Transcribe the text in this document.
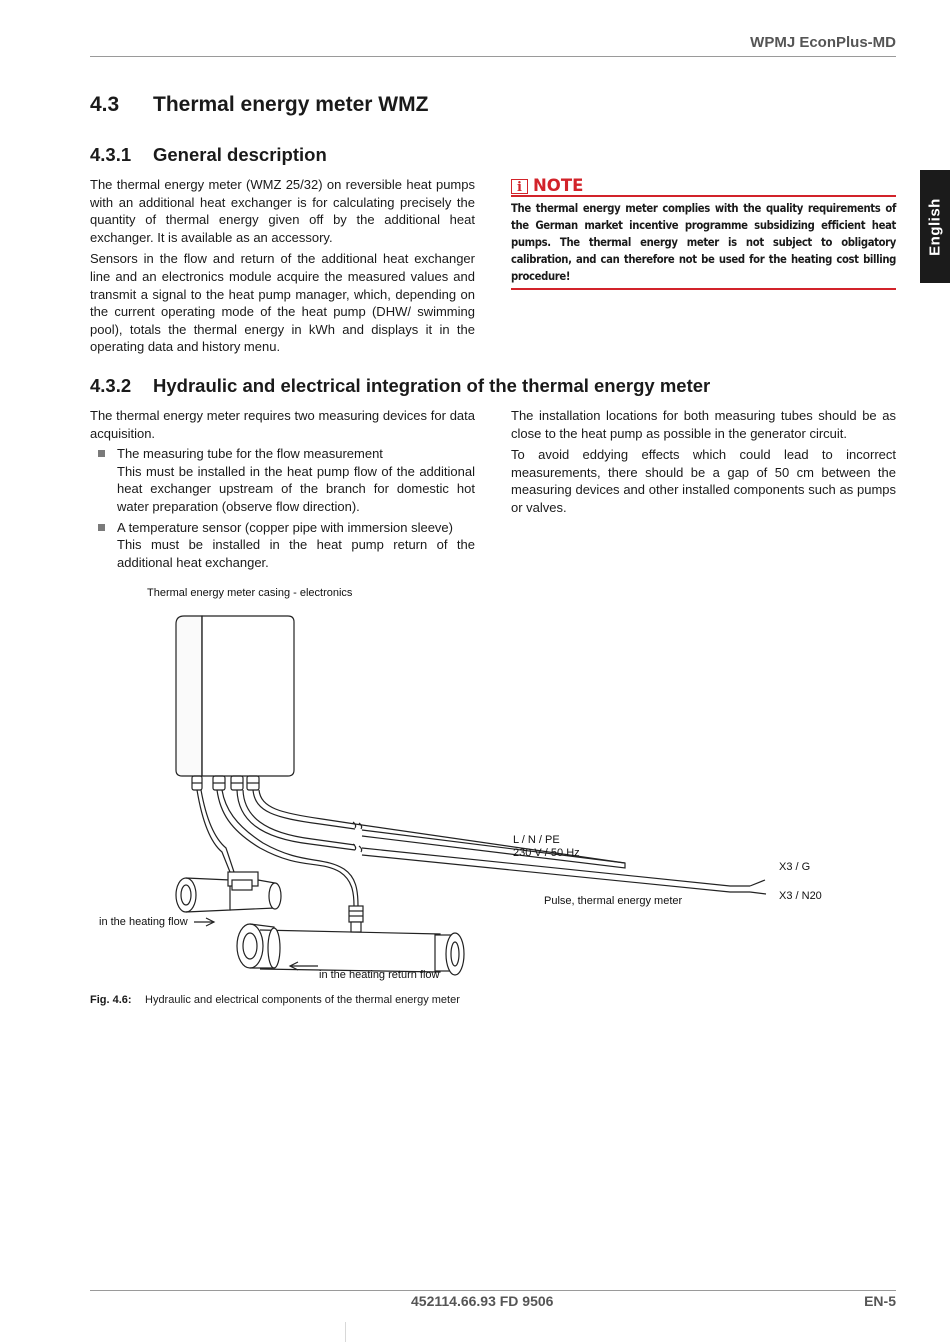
WPMJ EconPlus-MD
English
4.3 Thermal energy meter WMZ
4.3.1 General description

The thermal energy meter (WMZ 25/32) on reversible heat pumps with an additional heat exchanger is for calculating precisely the quantity of thermal energy given off by the additional heat exchanger. It is available as an accessory.

Sensors in the flow and return of the additional heat exchanger line and an electronics module acquire the measured values and transmit a signal to the heat pump manager, which, depending on the current operating mode of the heat pump (DHW/ swimming pool), totals the thermal energy in kWh and displays it in the operating data and history menu.

i NOTE

The thermal energy meter complies with the quality requirements of the German market incentive programme subsidizing efficient heat pumps. The thermal energy meter is not subject to obligatory calibration, and can therefore not be used for the heating cost billing procedure!

4.3.2 Hydraulic and electrical integration of the thermal energy meter

The thermal energy meter requires two measuring devices for data acquisition.

The measuring tube for the flow measurement
This must be installed in the heat pump flow of the additional heat exchanger upstream of the branch for domestic hot water preparation (observe flow direction).
A temperature sensor (copper pipe with immersion sleeve)
This must be installed in the heat pump return of the additional heat exchanger.

The installation locations for both measuring tubes should be as close to the heat pump as possible in the generator circuit.

To avoid eddying effects which could lead to incorrect measurements, there should be a gap of 50 cm between the measuring devices and other installed components such as pumps or valves.

Thermal energy meter casing - electronics
L / N / PE
230 V / 50 Hz
X3 / G
X3 / N20
Pulse, thermal energy meter
in the heating flow
in the heating return flow
Fig. 4.6: Hydraulic and electrical components of the thermal energy meter
452114.66.93 FD 9506	EN-5
